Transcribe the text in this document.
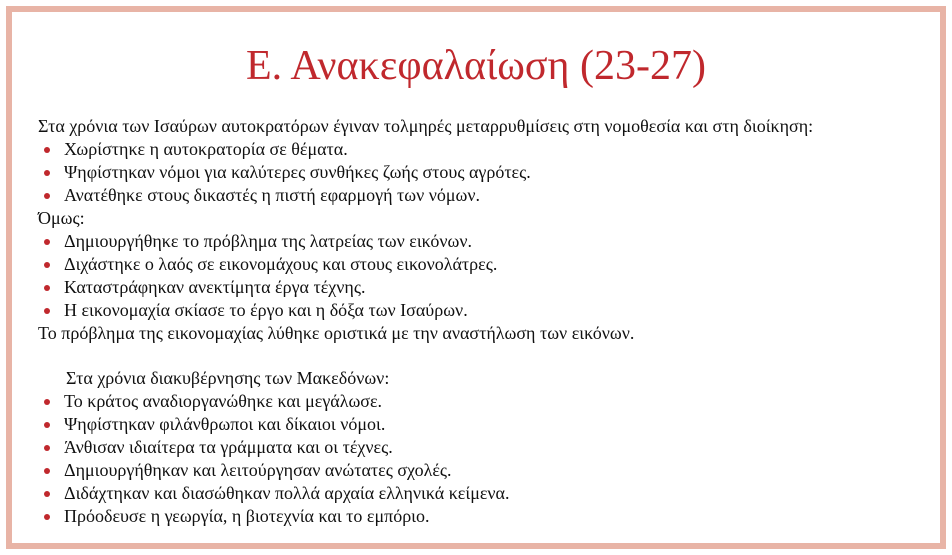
Ε. Ανακεφαλαίωση (23-27)
Στα χρόνια των Ισαύρων αυτοκρατόρων έγιναν τολμηρές μεταρρυθμίσεις στη νομοθεσία και στη διοίκηση:
Χωρίστηκε η αυτοκρατορία σε θέματα.
Ψηφίστηκαν νόμοι για καλύτερες συνθήκες ζωής στους αγρότες.
Ανατέθηκε στους δικαστές η πιστή εφαρμογή των νόμων.
Όμως:
Δημιουργήθηκε το πρόβλημα της λατρείας των εικόνων.
Διχάστηκε ο λαός σε εικονομάχους και στους εικονολάτρες.
Καταστράφηκαν ανεκτίμητα έργα τέχνης.
Η εικονομαχία σκίασε το έργο και η δόξα των Ισαύρων.
Το πρόβλημα της εικονομαχίας λύθηκε οριστικά με την αναστήλωση των εικόνων.
Στα χρόνια διακυβέρνησης των Μακεδόνων:
Το κράτος αναδιοργανώθηκε και μεγάλωσε.
Ψηφίστηκαν φιλάνθρωποι και δίκαιοι νόμοι.
Άνθισαν ιδιαίτερα τα γράμματα και οι τέχνες.
Δημιουργήθηκαν και λειτούργησαν ανώτατες σχολές.
Διδάχτηκαν και διασώθηκαν πολλά αρχαία ελληνικά κείμενα.
Πρόοδευσε η γεωργία, η βιοτεχνία και το εμπόριο.
